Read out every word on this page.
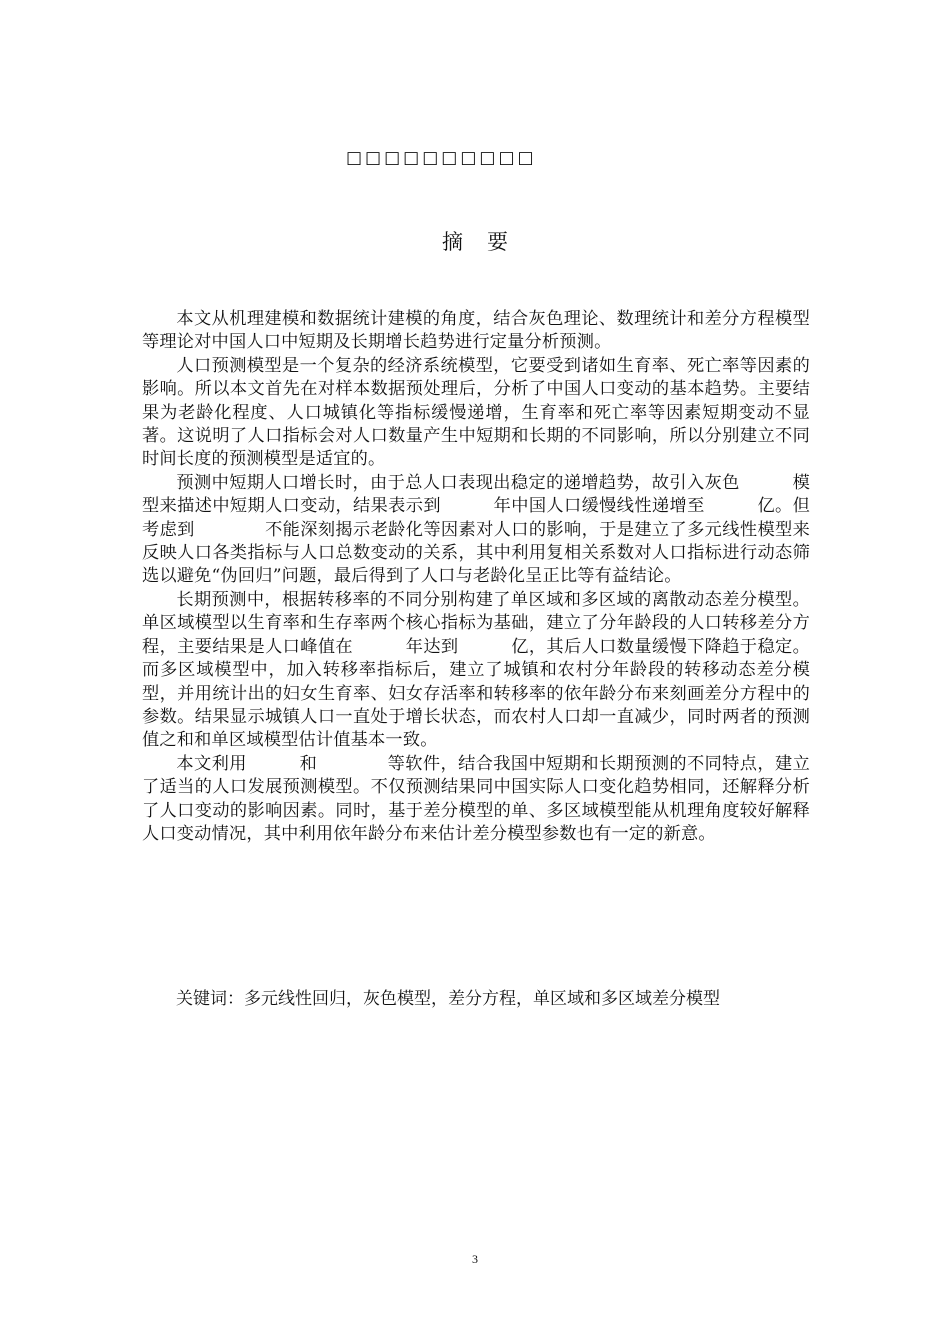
□□□□□□□□□□
摘要

本文从机理建模和数据统计建模的角度，结合灰色理论、数理统计和差分方程模型等理论对中国人口中短期及长期增长趋势进行定量分析预测。

人口预测模型是一个复杂的经济系统模型，它要受到诸如生育率、死亡率等因素的影响。所以本文首先在对样本数据预处理后，分析了中国人口变动的基本趋势。主要结果为老龄化程度、人口城镇化等指标缓慢递增，生育率和死亡率等因素短期变动不显著。这说明了人口指标会对人口数量产生中短期和长期的不同影响，所以分别建立不同时间长度的预测模型是适宜的。

预测中短期人口增长时，由于总人口表现出稳定的递增趋势，故引入灰色　　　模型来描述中短期人口变动，结果表示到　　　年中国人口缓慢线性递增至　　　亿。但考虑到　　　　不能深刻揭示老龄化等因素对人口的影响，于是建立了多元线性模型来反映人口各类指标与人口总数变动的关系，其中利用复相关系数对人口指标进行动态筛选以避免“伪回归”问题，最后得到了人口与老龄化呈正比等有益结论。

长期预测中，根据转移率的不同分别构建了单区域和多区域的离散动态差分模型。单区域模型以生育率和生存率两个核心指标为基础，建立了分年龄段的人口转移差分方程，主要结果是人口峰值在　　　年达到　　　亿，其后人口数量缓慢下降趋于稳定。而多区域模型中，加入转移率指标后，建立了城镇和农村分年龄段的转移动态差分模型，并用统计出的妇女生育率、妇女存活率和转移率的依年龄分布来刻画差分方程中的参数。结果显示城镇人口一直处于增长状态，而农村人口却一直减少，同时两者的预测值之和和单区域模型估计值基本一致。

本文利用　　　和　　　　等软件，结合我国中短期和长期预测的不同特点，建立了适当的人口发展预测模型。不仅预测结果同中国实际人口变化趋势相同，还解释分析了人口变动的影响因素。同时，基于差分模型的单、多区域模型能从机理角度较好解释人口变动情况，其中利用依年龄分布来估计差分模型参数也有一定的新意。

关键词：多元线性回归，灰色模型，差分方程，单区域和多区域差分模型
3
